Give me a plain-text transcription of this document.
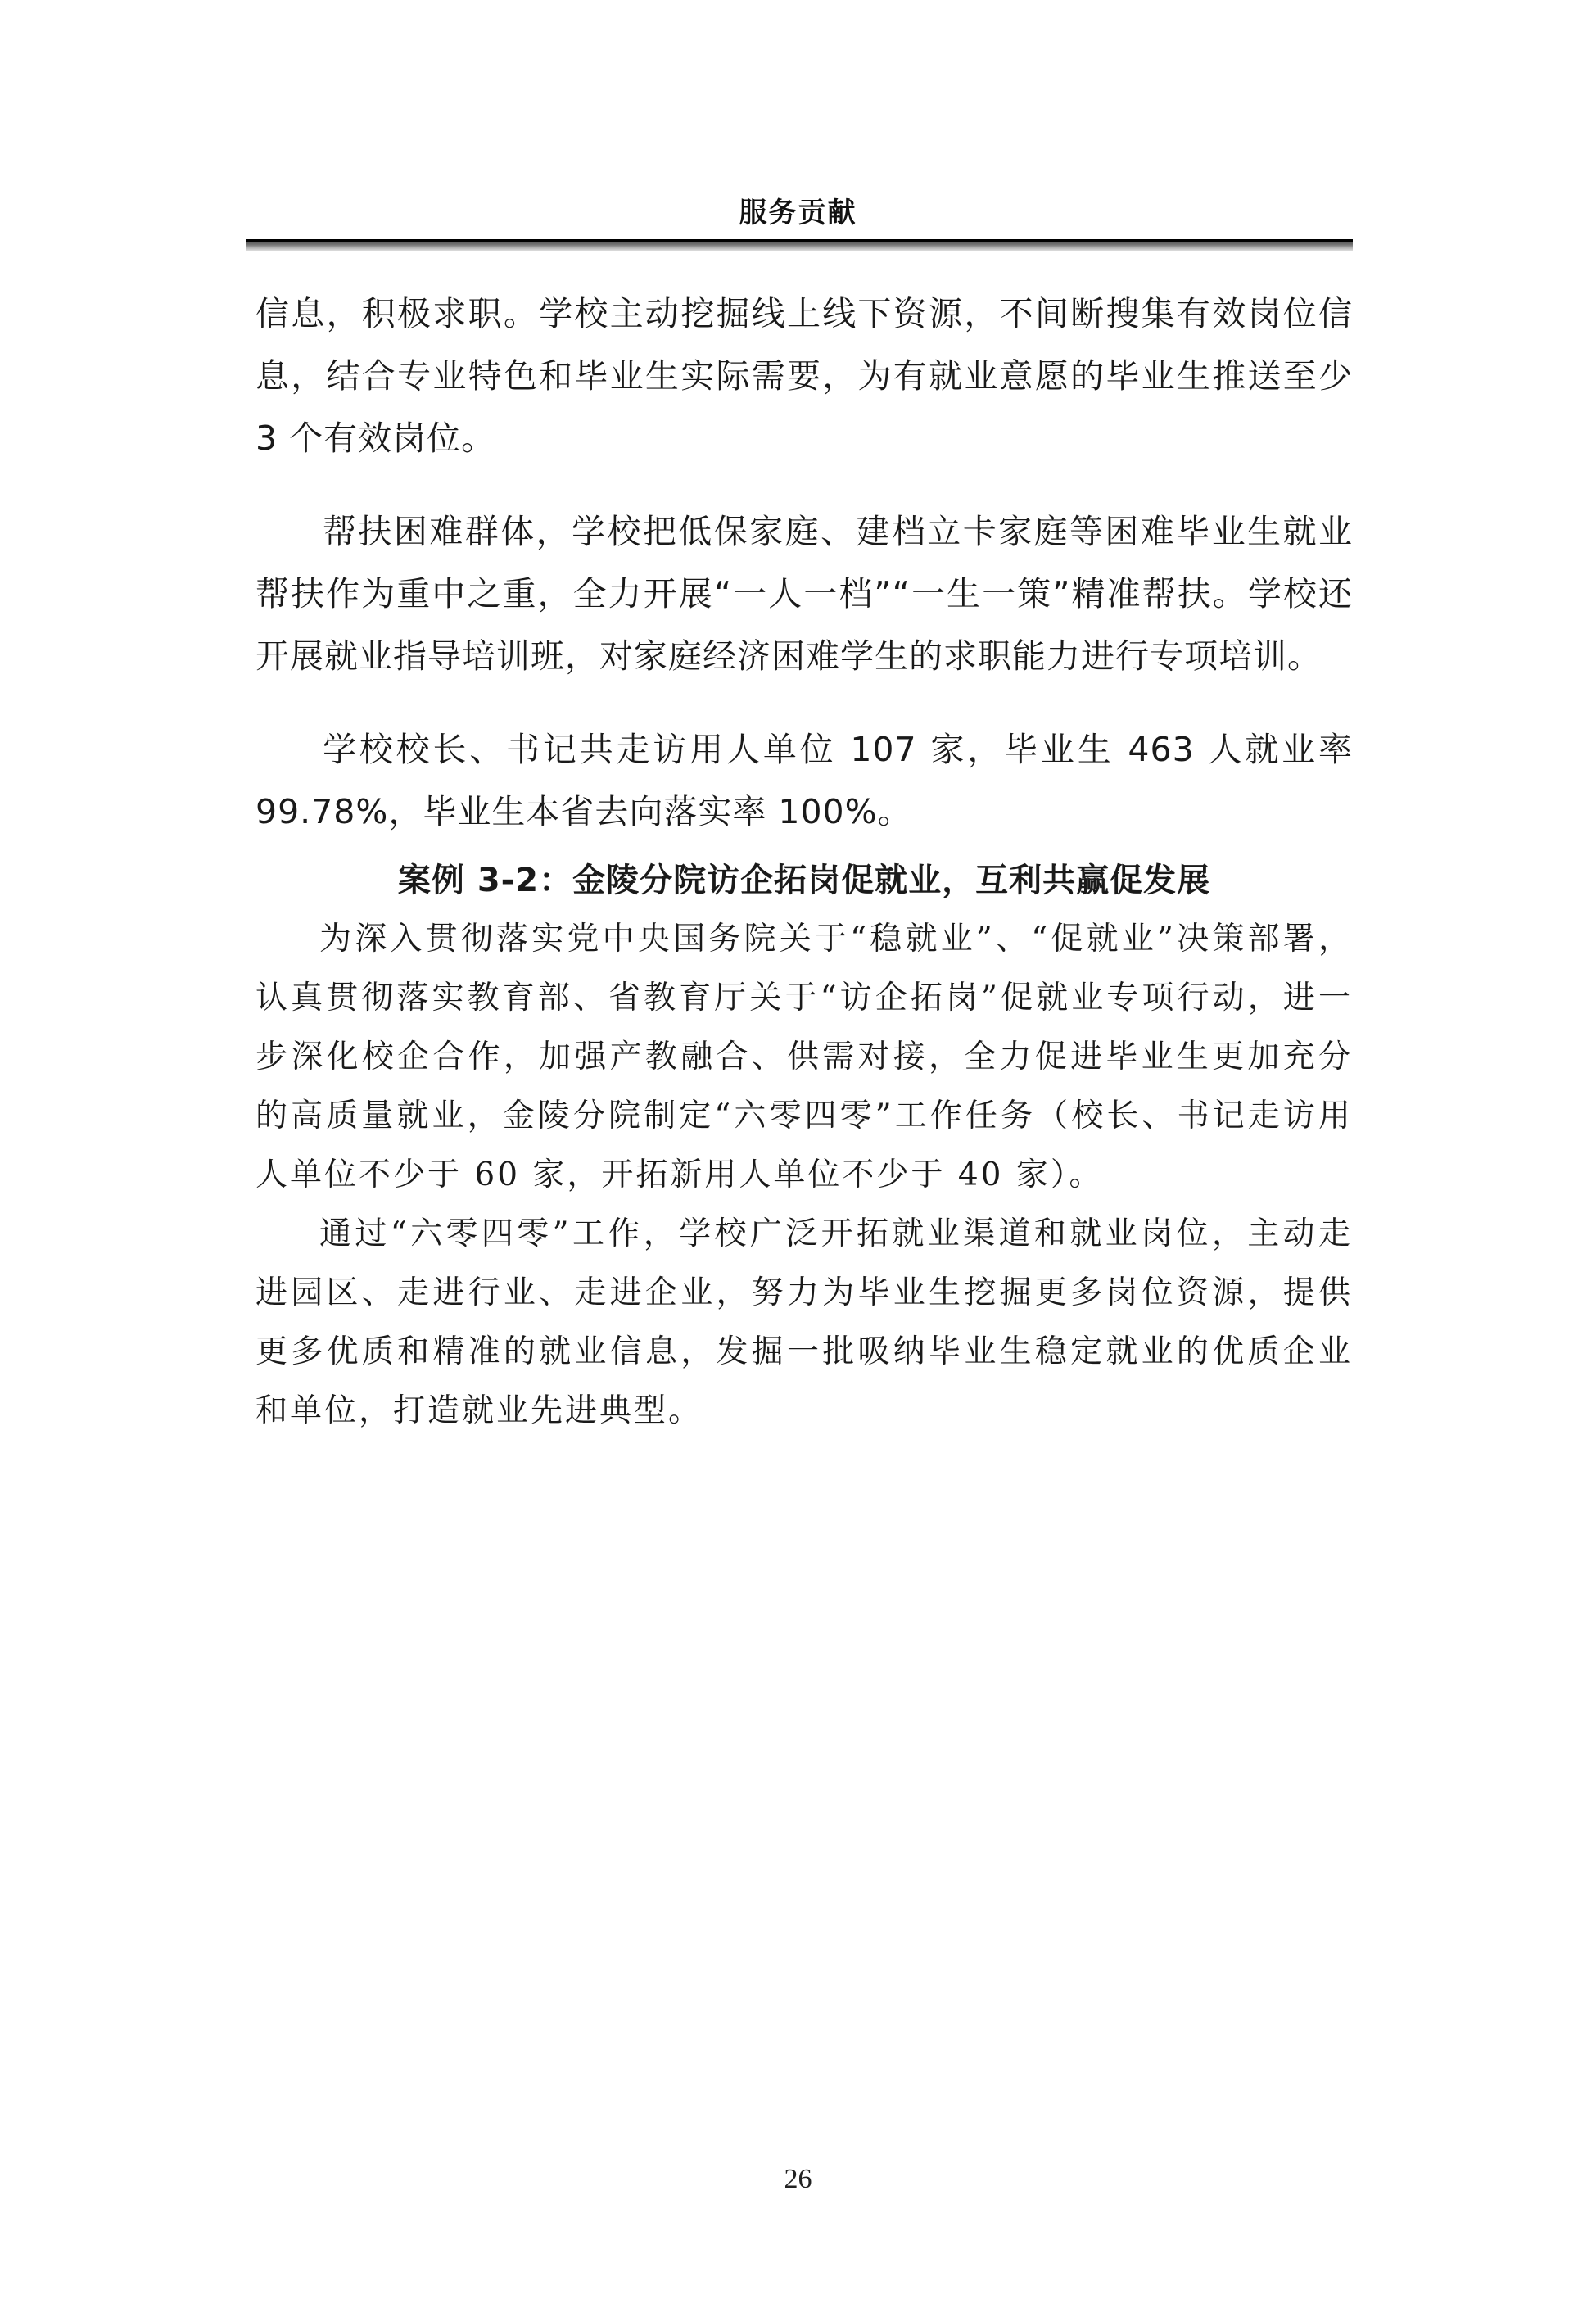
服务贡献

信息，积极求职。学校主动挖掘线上线下资源，不间断搜集有效岗位信息，结合专业特色和毕业生实际需要，为有就业意愿的毕业生推送至少 3 个有效岗位。

帮扶困难群体，学校把低保家庭、建档立卡家庭等困难毕业生就业帮扶作为重中之重，全力开展“一人一档”“一生一策”精准帮扶。学校还开展就业指导培训班，对家庭经济困难学生的求职能力进行专项培训。

学校校长、书记共走访用人单位 107 家，毕业生 463 人就业率 99.78%，毕业生本省去向落实率 100%。

案例 3-2：金陵分院访企拓岗促就业，互利共赢促发展

为深入贯彻落实党中央国务院关于“稳就业”、“促就业”决策部署，认真贯彻落实教育部、省教育厅关于“访企拓岗”促就业专项行动，进一步深化校企合作，加强产教融合、供需对接，全力促进毕业生更加充分的高质量就业，金陵分院制定“六零四零”工作任务（校长、书记走访用人单位不少于 60 家，开拓新用人单位不少于 40 家）。

通过“六零四零”工作，学校广泛开拓就业渠道和就业岗位，主动走进园区、走进行业、走进企业，努力为毕业生挖掘更多岗位资源，提供更多优质和精准的就业信息，发掘一批吸纳毕业生稳定就业的优质企业和单位，打造就业先进典型。

26
